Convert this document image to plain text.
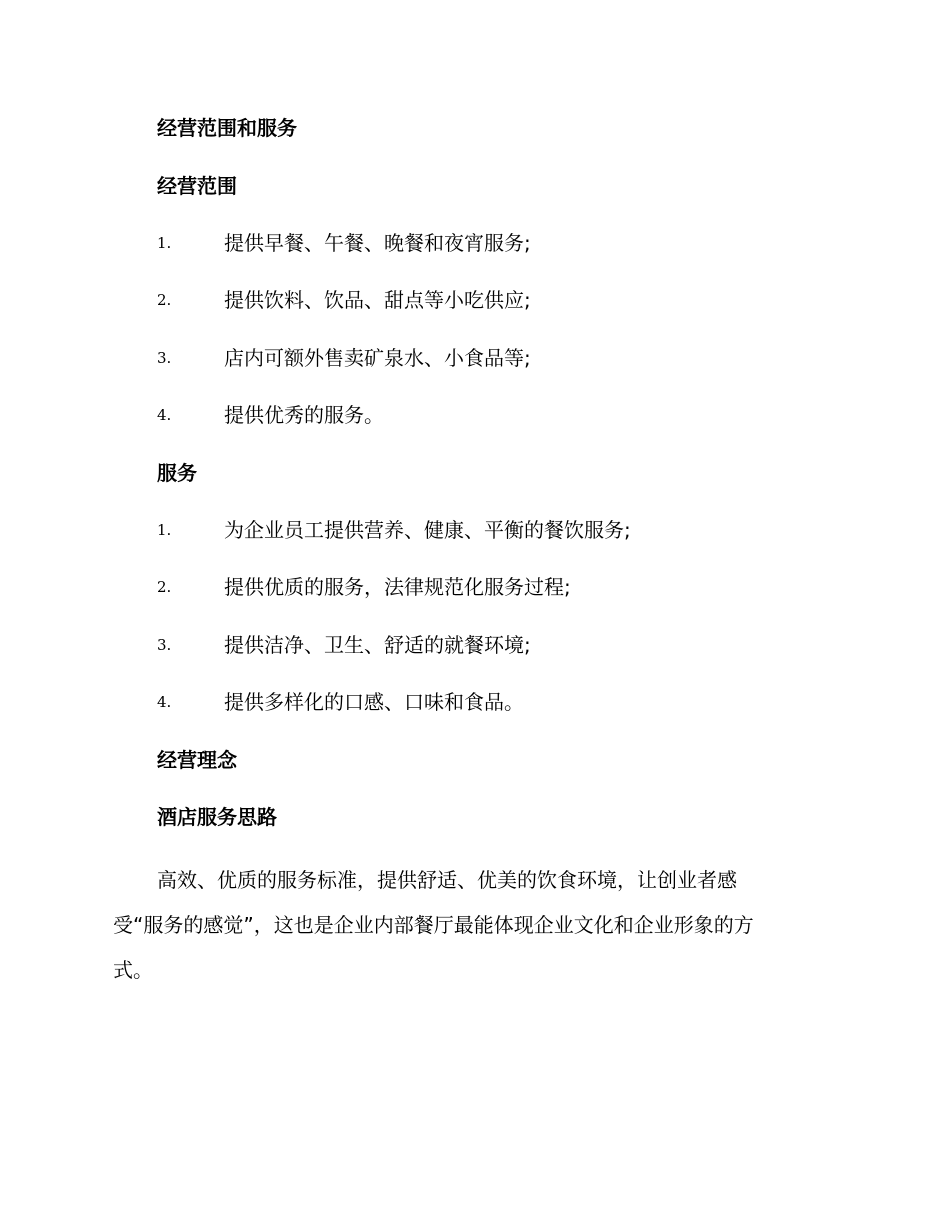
经营范围和服务
经营范围
1.	提供早餐、午餐、晚餐和夜宵服务;
2.	提供饮料、饮品、甜点等小吃供应;
3.	店内可额外售卖矿泉水、小食品等;
4.	提供优秀的服务。
服务
1.	为企业员工提供营养、健康、平衡的餐饮服务;
2.	提供优质的服务，法律规范化服务过程;
3.	提供洁净、卫生、舒适的就餐环境;
4.	提供多样化的口感、口味和食品。
经营理念
酒店服务思路
高效、优质的服务标准，提供舒适、优美的饮食环境，让创业者感
受“服务的感觉”，这也是企业内部餐厅最能体现企业文化和企业形象的方
式。
